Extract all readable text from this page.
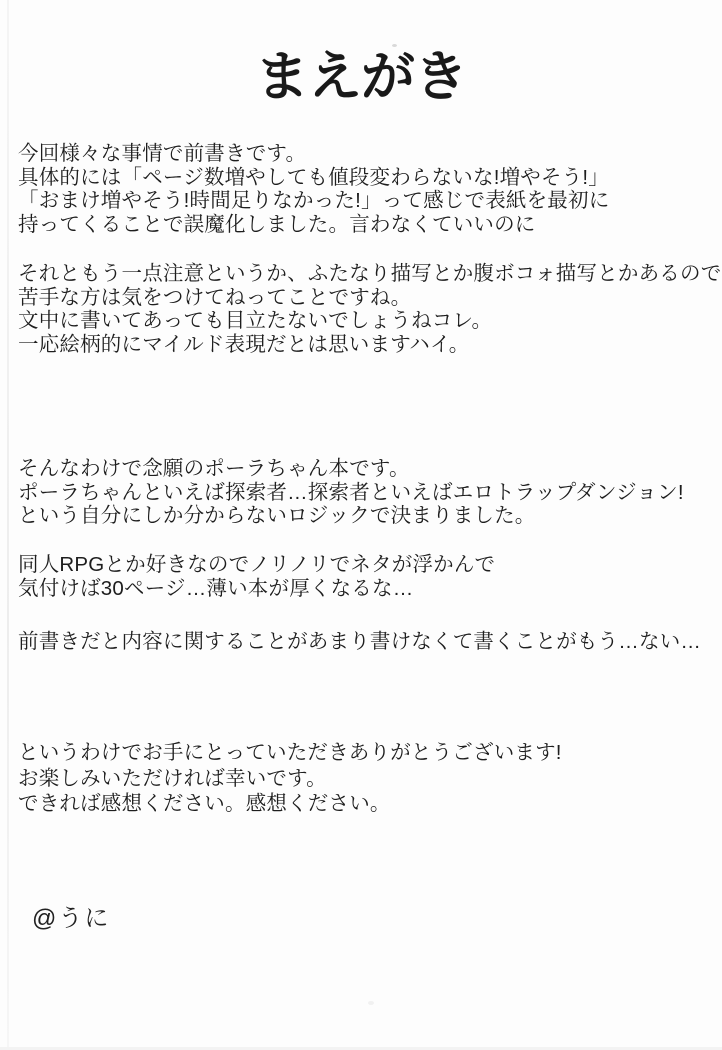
まえがき
今回様々な事情で前書きです。
具体的には「ページ数増やしても値段変わらないな!増やそう!」
「おまけ増やそう!時間足りなかった!」って感じで表紙を最初に
持ってくることで誤魔化しました。言わなくていいのに
それともう一点注意というか、ふたなり描写とか腹ボコォ描写とかあるので
苦手な方は気をつけてねってことですね。
文中に書いてあっても目立たないでしょうねコレ。
一応絵柄的にマイルド表現だとは思いますハイ。
そんなわけで念願のポーラちゃん本です。
ポーラちゃんといえば探索者…探索者といえばエロトラップダンジョン!
という自分にしか分からないロジックで決まりました。
同人RPGとか好きなのでノリノリでネタが浮かんで
気付けば30ページ…薄い本が厚くなるな…
前書きだと内容に関することがあまり書けなくて書くことがもう…ない…
というわけでお手にとっていただきありがとうございます!
お楽しみいただければ幸いです。
できれば感想ください。感想ください。
@うに
